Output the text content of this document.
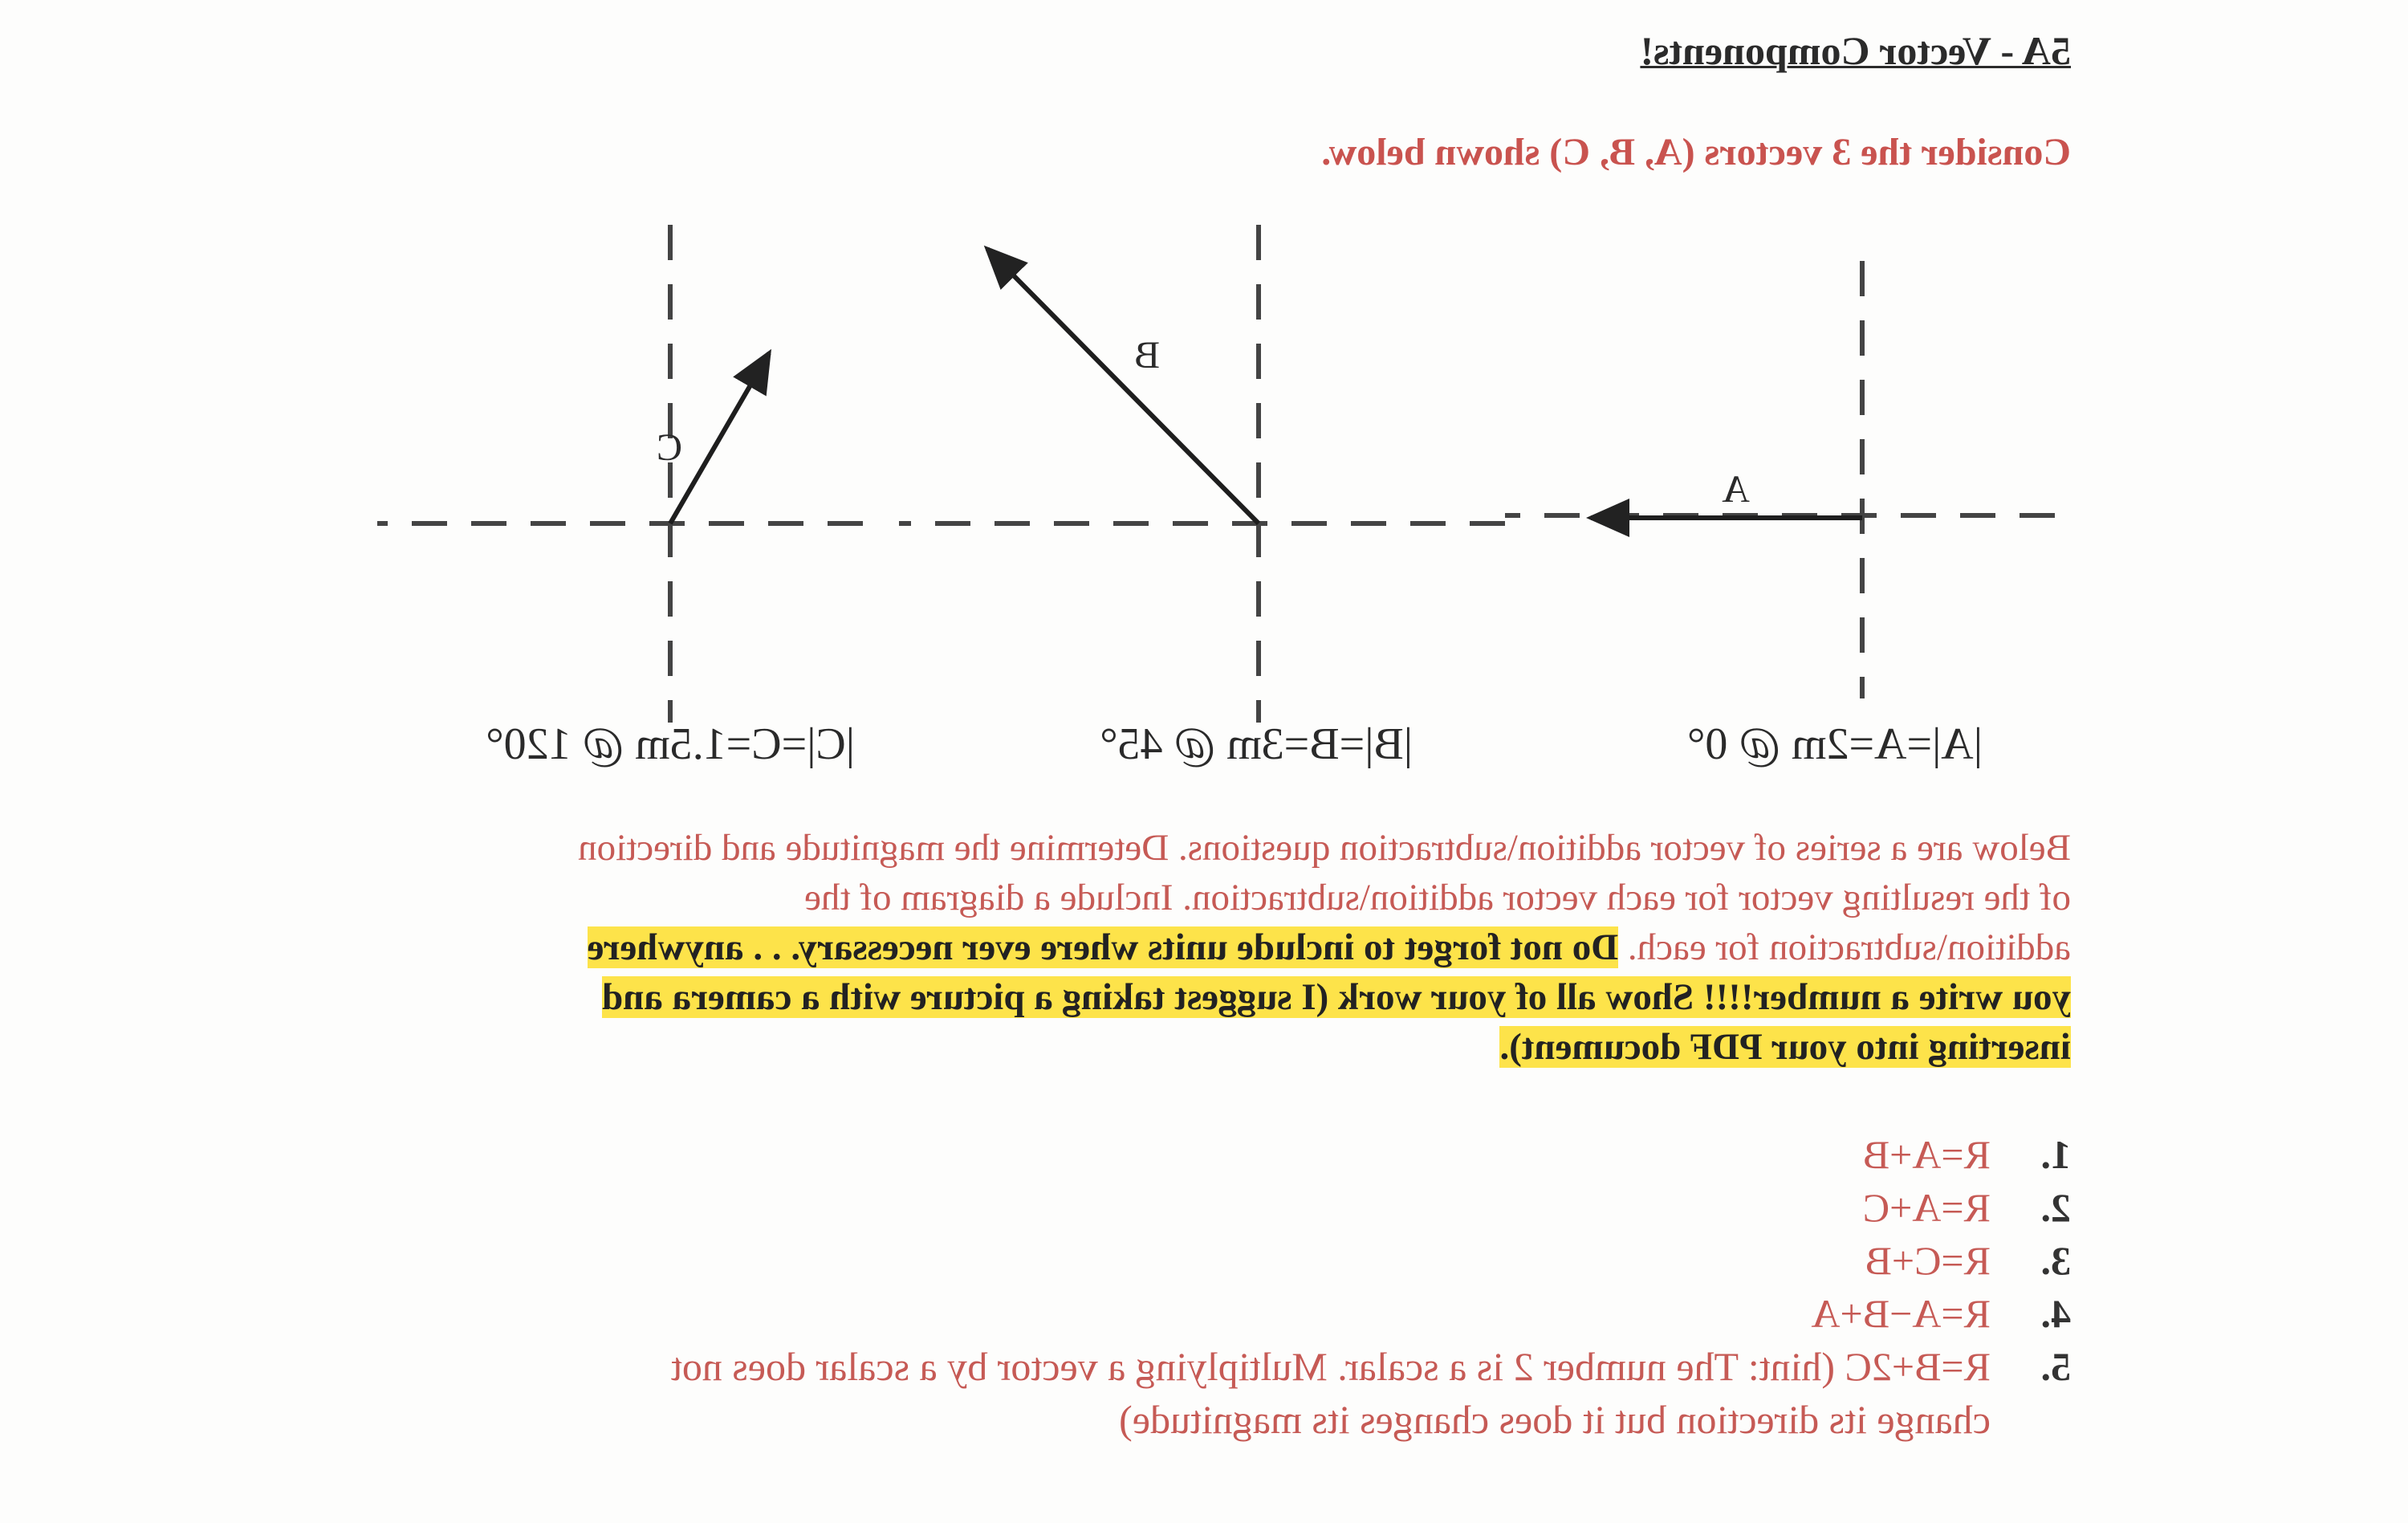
5A - Vector Components!
Consider the 3 vectors (A, B, C) shown below.
A
B
C
|A|=A=2m @ 0°
|B|=B=3m @ 45°
|C|=C=1.5m @ 120°
Below are a series of vector addition\subtraction questions. Determine the magnitude and direction
of the resulting vector for each vector addition\subtraction. Include a diagram of the
addition\subtraction for each. Do not forget to include units where ever necessary. . . anywhere
you write a number!!!! Show all of your work (I suggest taking a picture with a camera and
inserting into your PDF document).
1.R=A+B
2.R=A+C
3.R=C+B
4.R=A−B+A
5.R=B+2C (hint: The number 2 is a scalar. Multiplying a vector by a scalar does not
change its direction but it does changes its magnitude)
